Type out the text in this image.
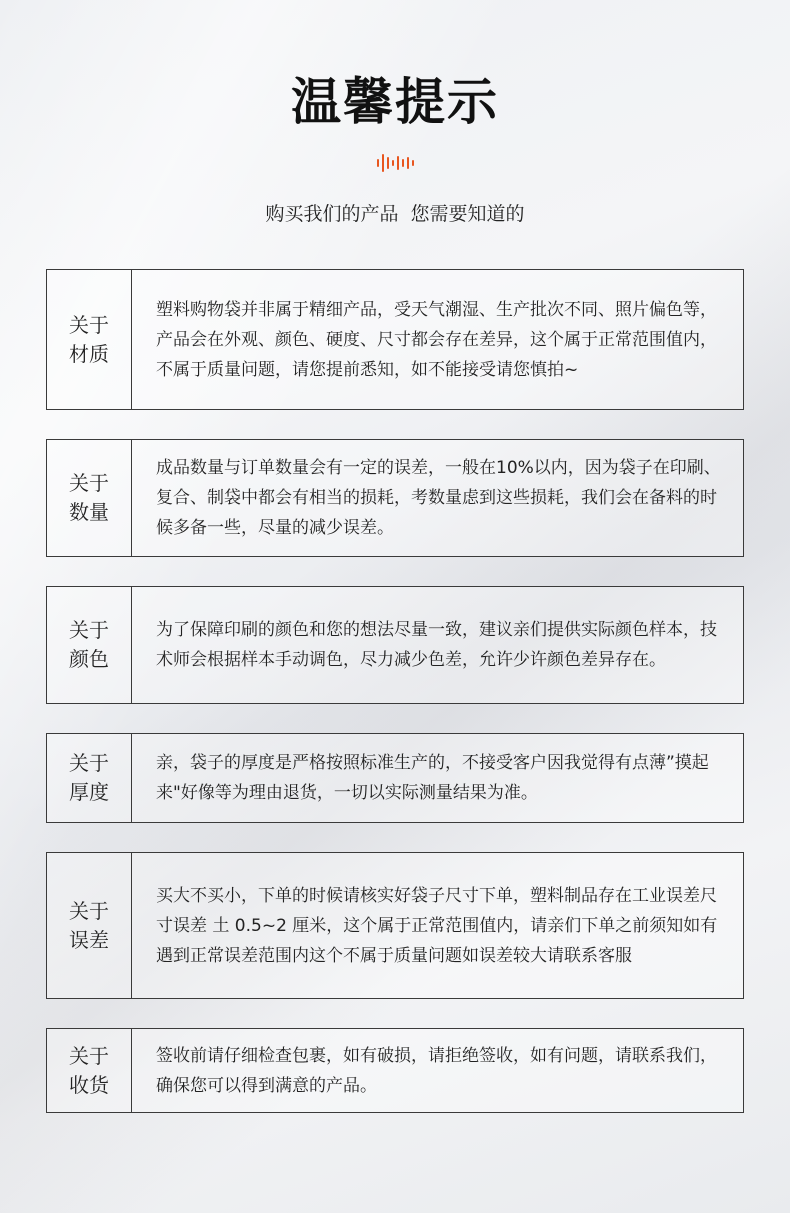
温馨提示
购买我们的产品  您需要知道的
关于
材质
塑料购物袋并非属于精细产品，受天气潮湿、生产批次不同、照片偏色等，产品会在外观、颜色、硬度、尺寸都会存在差异，这个属于正常范围值内，不属于质量问题，请您提前悉知，如不能接受请您慎拍~
关于
数量
成品数量与订单数量会有一定的误差，一般在10%以内，因为袋子在印刷、复合、制袋中都会有相当的损耗，考数量虑到这些损耗，我们会在备料的时候多备一些，尽量的减少误差。
关于
颜色
为了保障印刷的颜色和您的想法尽量一致，建议亲们提供实际颜色样本，技术师会根据样本手动调色，尽力减少色差，允许少许颜色差异存在。
关于
厚度
亲，袋子的厚度是严格按照标准生产的，不接受客户因我觉得有点薄”摸起来"好像等为理由退货，一切以实际测量结果为准。
关于
误差
买大不买小，下单的时候请核实好袋子尺寸下单，塑料制品存在工业误差尺寸误差 土 0.5~2 厘米，这个属于正常范围值内，请亲们下单之前须知如有遇到正常误差范围内这个不属于质量问题如误差较大请联系客服
关于
收货
签收前请仔细检查包裹，如有破损，请拒绝签收，如有问题，请联系我们，确保您可以得到满意的产品。
